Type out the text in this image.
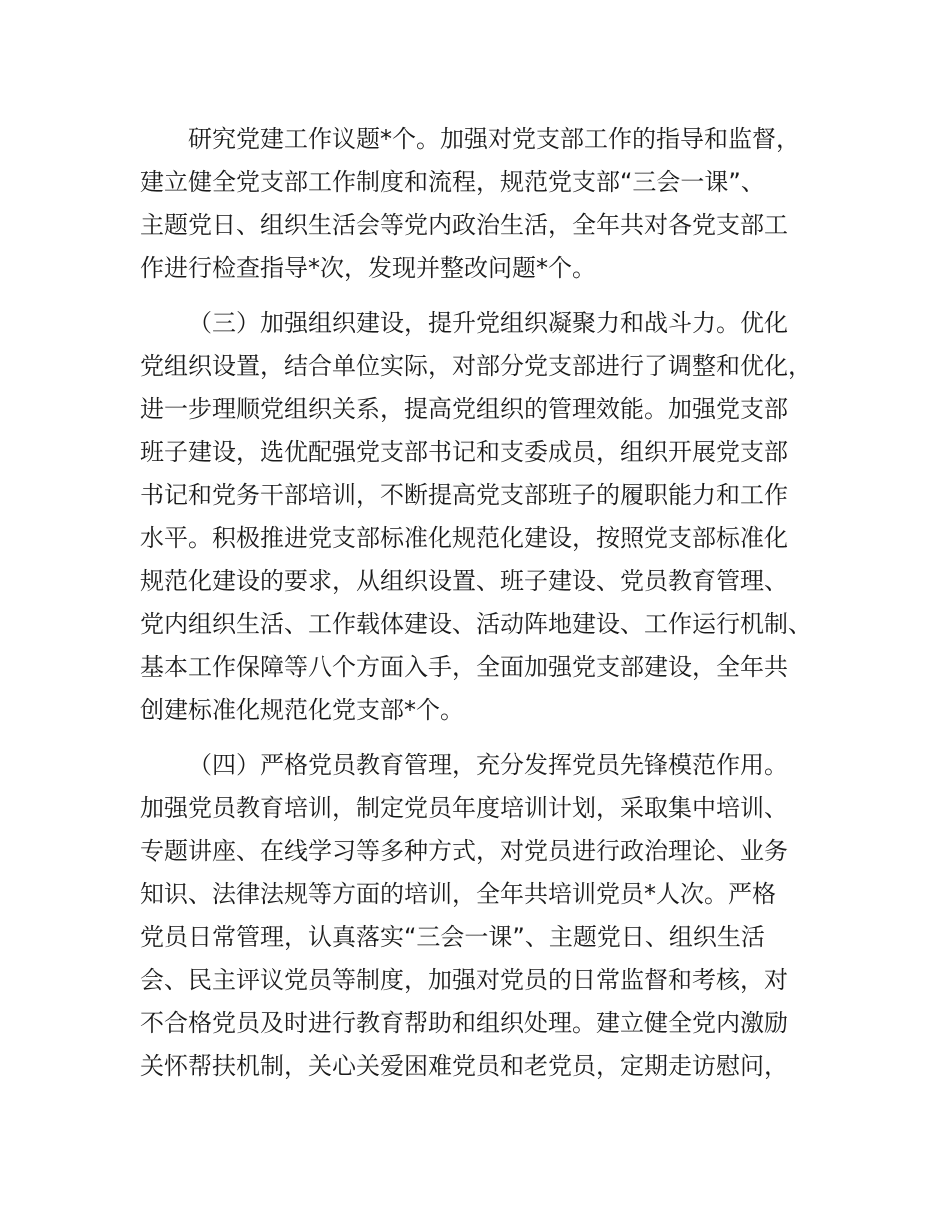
研究党建工作议题*个。加强对党支部工作的指导和监督，
建立健全党支部工作制度和流程，规范党支部“三会一课”、
主题党日、组织生活会等党内政治生活，全年共对各党支部工
作进行检查指导*次，发现并整改问题*个。
（三）加强组织建设，提升党组织凝聚力和战斗力。优化
党组织设置，结合单位实际，对部分党支部进行了调整和优化，
进一步理顺党组织关系，提高党组织的管理效能。加强党支部
班子建设，选优配强党支部书记和支委成员，组织开展党支部
书记和党务干部培训，不断提高党支部班子的履职能力和工作
水平。积极推进党支部标准化规范化建设，按照党支部标准化
规范化建设的要求，从组织设置、班子建设、党员教育管理、
党内组织生活、工作载体建设、活动阵地建设、工作运行机制、
基本工作保障等八个方面入手，全面加强党支部建设，全年共
创建标准化规范化党支部*个。
（四）严格党员教育管理，充分发挥党员先锋模范作用。
加强党员教育培训，制定党员年度培训计划，采取集中培训、
专题讲座、在线学习等多种方式，对党员进行政治理论、业务
知识、法律法规等方面的培训，全年共培训党员*人次。严格
党员日常管理，认真落实“三会一课”、主题党日、组织生活
会、民主评议党员等制度，加强对党员的日常监督和考核，对
不合格党员及时进行教育帮助和组织处理。建立健全党内激励
关怀帮扶机制，关心关爱困难党员和老党员，定期走访慰问，
